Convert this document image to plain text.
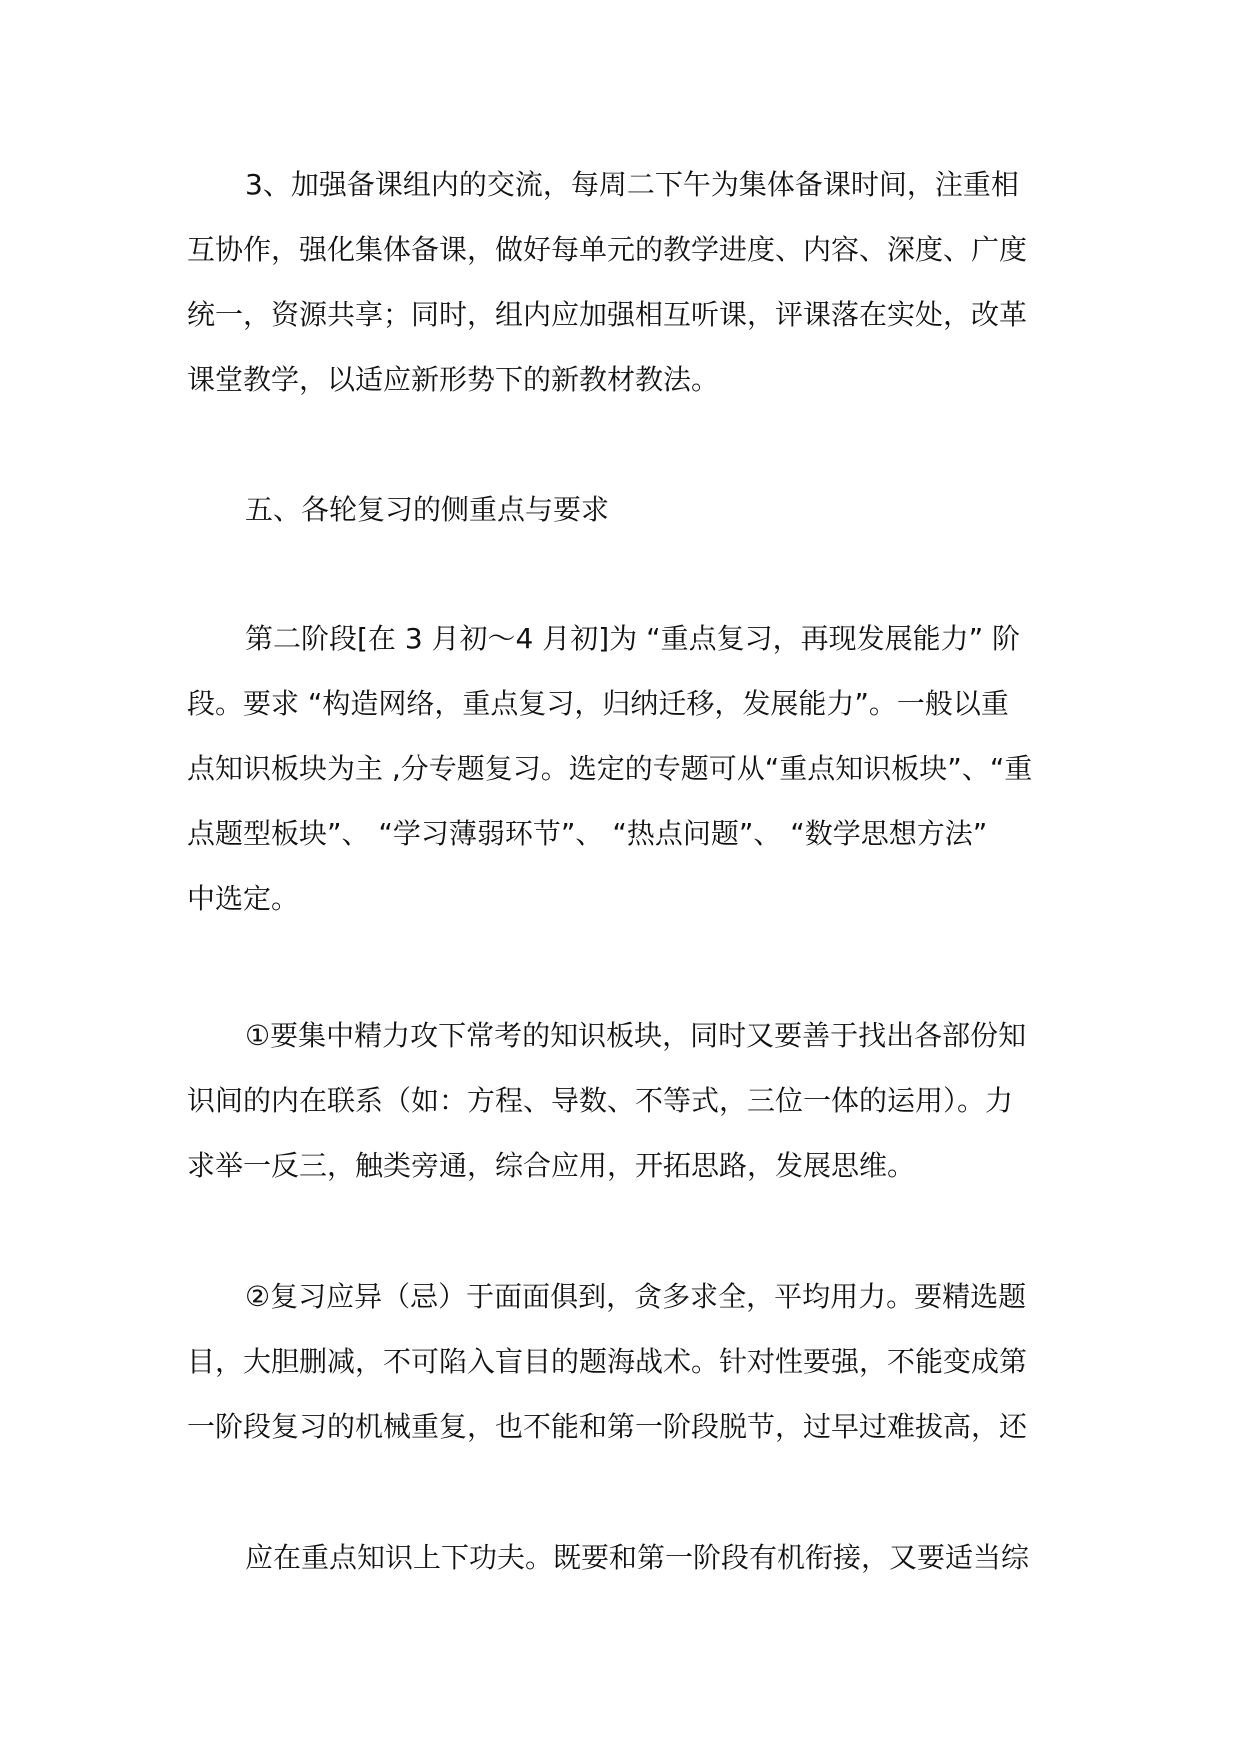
3、加强备课组内的交流，每周二下午为集体备课时间，注重相
互协作，强化集体备课，做好每单元的教学进度、内容、深度、广度
统一，资源共享；同时，组内应加强相互听课，评课落在实处，改革
课堂教学，以适应新形势下的新教材教法。
五、各轮复习的侧重点与要求
第二阶段[在 3 月初～4 月初]为 “重点复习，再现发展能力” 阶
段。要求 “构造网络，重点复习，归纳迁移，发展能力”。一般以重
点知识板块为主 ,分专题复习。选定的专题可从“重点知识板块”、“重
点题型板块”、 “学习薄弱环节”、 “热点问题”、 “数学思想方法”
中选定。
①要集中精力攻下常考的知识板块，同时又要善于找出各部份知
识间的内在联系（如：方程、导数、不等式，三位一体的运用）。力
求举一反三，触类旁通，综合应用，开拓思路，发展思维。
②复习应异（忌）于面面俱到，贪多求全，平均用力。要精选题
目，大胆删减，不可陷入盲目的题海战术。针对性要强，不能变成第
一阶段复习的机械重复，也不能和第一阶段脱节，过早过难拔高，还
应在重点知识上下功夫。既要和第一阶段有机衔接，又要适当综
